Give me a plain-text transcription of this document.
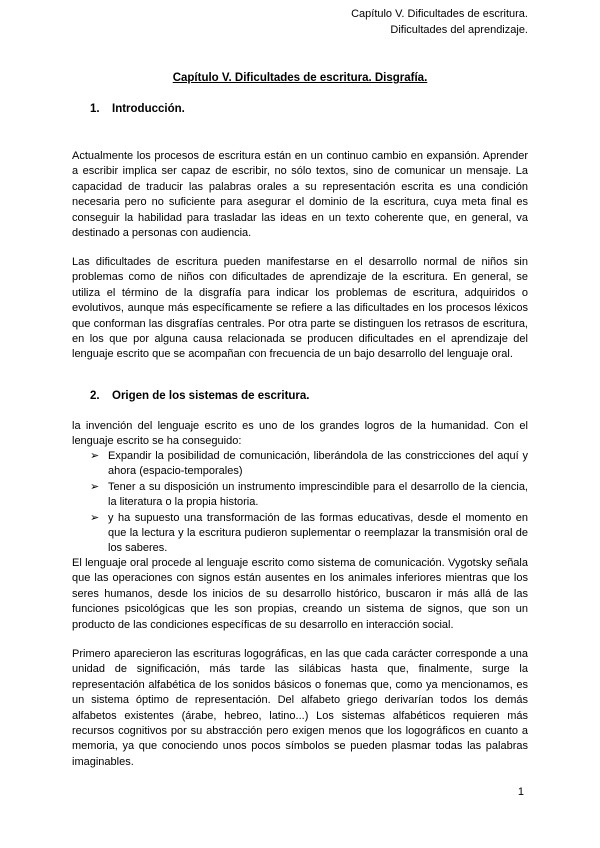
Capítulo V. Dificultades de escritura.
Dificultades del aprendizaje.
Capítulo V. Dificultades de escritura. Disgrafía.
1. Introducción.

Actualmente los procesos de escritura están en un continuo cambio en expansión. Aprender a escribir implica ser capaz de escribir, no sólo textos, sino de comunicar un mensaje. La capacidad de traducir las palabras orales a su representación escrita es una condición necesaria pero no suficiente para asegurar el dominio de la escritura, cuya meta final es conseguir la habilidad para trasladar las ideas en un texto coherente que, en general, va destinado a personas con audiencia.

Las dificultades de escritura pueden manifestarse en el desarrollo normal de niños sin problemas como de niños con dificultades de aprendizaje de la escritura. En general, se utiliza el término de la disgrafía para indicar los problemas de escritura, adquiridos o evolutivos, aunque más específicamente se refiere a las dificultades en los procesos léxicos que conforman las disgrafías centrales. Por otra parte se distinguen los retrasos de escritura, en los que por alguna causa relacionada se producen dificultades en el aprendizaje del lenguaje escrito que se acompañan con frecuencia de un bajo desarrollo del lenguaje oral.

2. Origen de los sistemas de escritura.

la invención del lenguaje escrito es uno de los grandes logros de la humanidad. Con el lenguaje escrito se ha conseguido:

➢ Expandir la posibilidad de comunicación, liberándola de las constricciones del aquí y ahora (espacio-temporales)
➢ Tener a su disposición un instrumento imprescindible para el desarrollo de la ciencia, la literatura o la propia historia.
➢ y ha supuesto una transformación de las formas educativas, desde el momento en que la lectura y la escritura pudieron suplementar o reemplazar la transmisión oral de los saberes.

El lenguaje oral procede al lenguaje escrito como sistema de comunicación. Vygotsky señala que las operaciones con signos están ausentes en los animales inferiores mientras que los seres humanos, desde los inicios de su desarrollo histórico, buscaron ir más allá de las funciones psicológicas que les son propias, creando un sistema de signos, que son un producto de las condiciones específicas de su desarrollo en interacción social.

Primero aparecieron las escrituras logográficas, en las que cada carácter corresponde a una unidad de significación, más tarde las silábicas hasta que, finalmente, surge la representación alfabética de los sonidos básicos o fonemas que, como ya mencionamos, es un sistema óptimo de representación. Del alfabeto griego derivarían todos los demás alfabetos existentes (árabe, hebreo, latino...) Los sistemas alfabéticos requieren más recursos cognitivos por su abstracción pero exigen menos que los logográficos en cuanto a memoria, ya que conociendo unos pocos símbolos se pueden plasmar todas las palabras imaginables.

1
